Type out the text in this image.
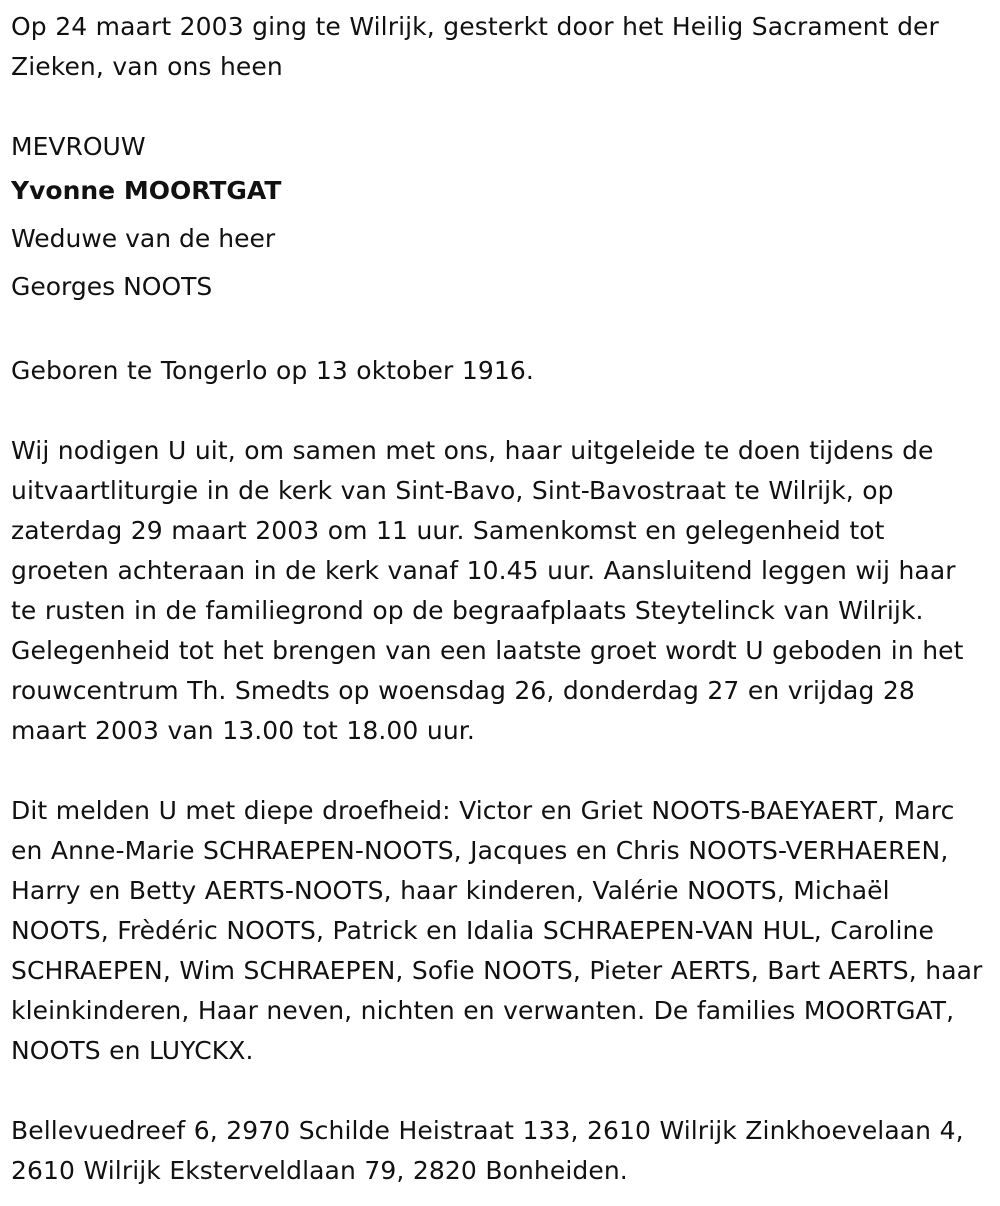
Op 24 maart 2003 ging te Wilrijk, gesterkt door het Heilig Sacrament der Zieken, van ons heen

MEVROUW

Yvonne MOORTGAT

Weduwe van de heer

Georges NOOTS

Geboren te Tongerlo op 13 oktober 1916.

Wij nodigen U uit, om samen met ons, haar uitgeleide te doen tijdens de uitvaartliturgie in de kerk van Sint-Bavo, Sint-Bavostraat te Wilrijk, op zaterdag 29 maart 2003 om 11 uur. Samenkomst en gelegenheid tot groeten achteraan in de kerk vanaf 10.45 uur. Aansluitend leggen wij haar te rusten in de familiegrond op de begraafplaats Steytelinck van Wilrijk. Gelegenheid tot het brengen van een laatste groet wordt U geboden in het rouwcentrum Th. Smedts op woensdag 26, donderdag 27 en vrijdag 28 maart 2003 van 13.00 tot 18.00 uur.

Dit melden U met diepe droefheid: Victor en Griet NOOTS-BAEYAERT, Marc en Anne-Marie SCHRAEPEN-NOOTS, Jacques en Chris NOOTS-VERHAEREN, Harry en Betty AERTS-NOOTS, haar kinderen, Valérie NOOTS, Michaël NOOTS, Frèdéric NOOTS, Patrick en Idalia SCHRAEPEN-VAN HUL, Caroline SCHRAEPEN, Wim SCHRAEPEN, Sofie NOOTS, Pieter AERTS, Bart AERTS, haar kleinkinderen, Haar neven, nichten en verwanten. De families MOORTGAT, NOOTS en LUYCKX.

Bellevuedreef 6, 2970 Schilde Heistraat 133, 2610 Wilrijk Zinkhoevelaan 4, 2610 Wilrijk Eksterveldlaan 79, 2820 Bonheiden.
